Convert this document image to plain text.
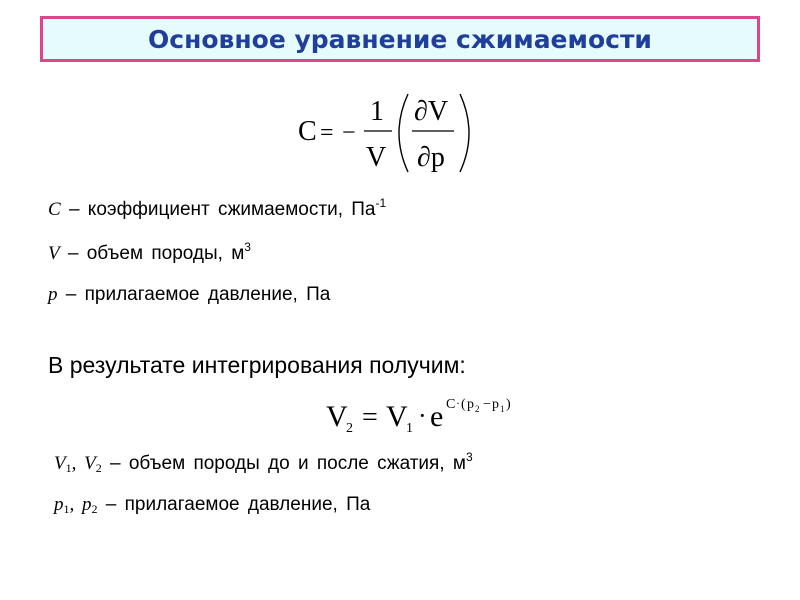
Основное уравнение сжимаемости
C = −
1
V
∂V
∂p
C – коэффициент сжимаемости, $Па^{-1}$
V – объем породы, $м^3$
p – прилагаемое давление, Па
В результате интегрирования получим:
V
2 = V
1 · e C · ( p 2 − p 1 )
$V_1$, $V_2$ – объем породы до и после сжатия, $м^3$
$p_1$, $p_2$ – прилагаемое давление, Па
